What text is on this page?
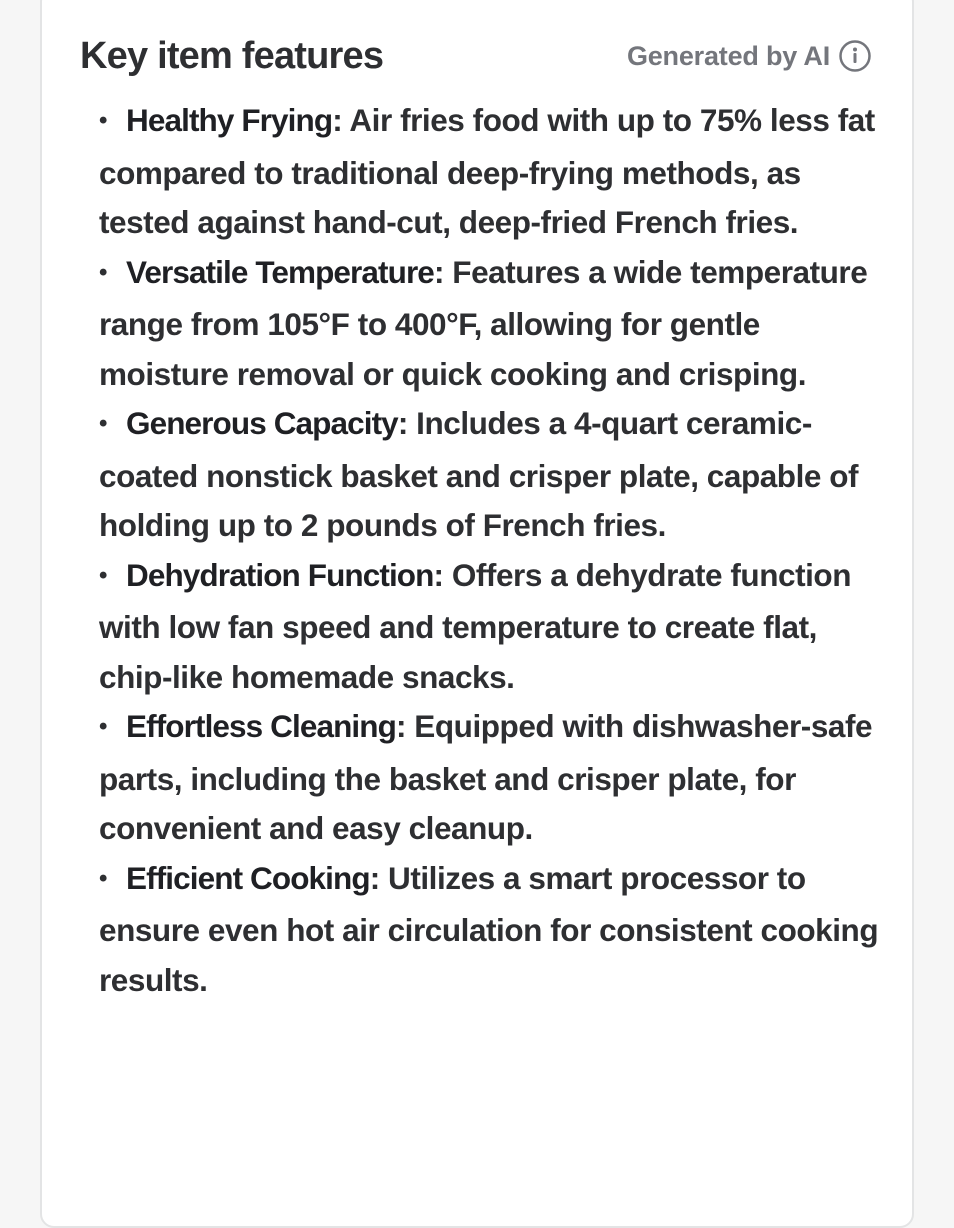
Key item features	Generated by AI
• Healthy Frying: Air fries food with up to 75% less fat compared to traditional deep-frying methods, as tested against hand-cut, deep-fried French fries.
• Versatile Temperature: Features a wide temperature range from 105°F to 400°F, allowing for gentle moisture removal or quick cooking and crisping.
• Generous Capacity: Includes a 4-quart ceramic-coated nonstick basket and crisper plate, capable of holding up to 2 pounds of French fries.
• Dehydration Function: Offers a dehydrate function with low fan speed and temperature to create flat, chip-like homemade snacks.
• Effortless Cleaning: Equipped with dishwasher-safe parts, including the basket and crisper plate, for convenient and easy cleanup.
• Efficient Cooking: Utilizes a smart processor to ensure even hot air circulation for consistent cooking results.
